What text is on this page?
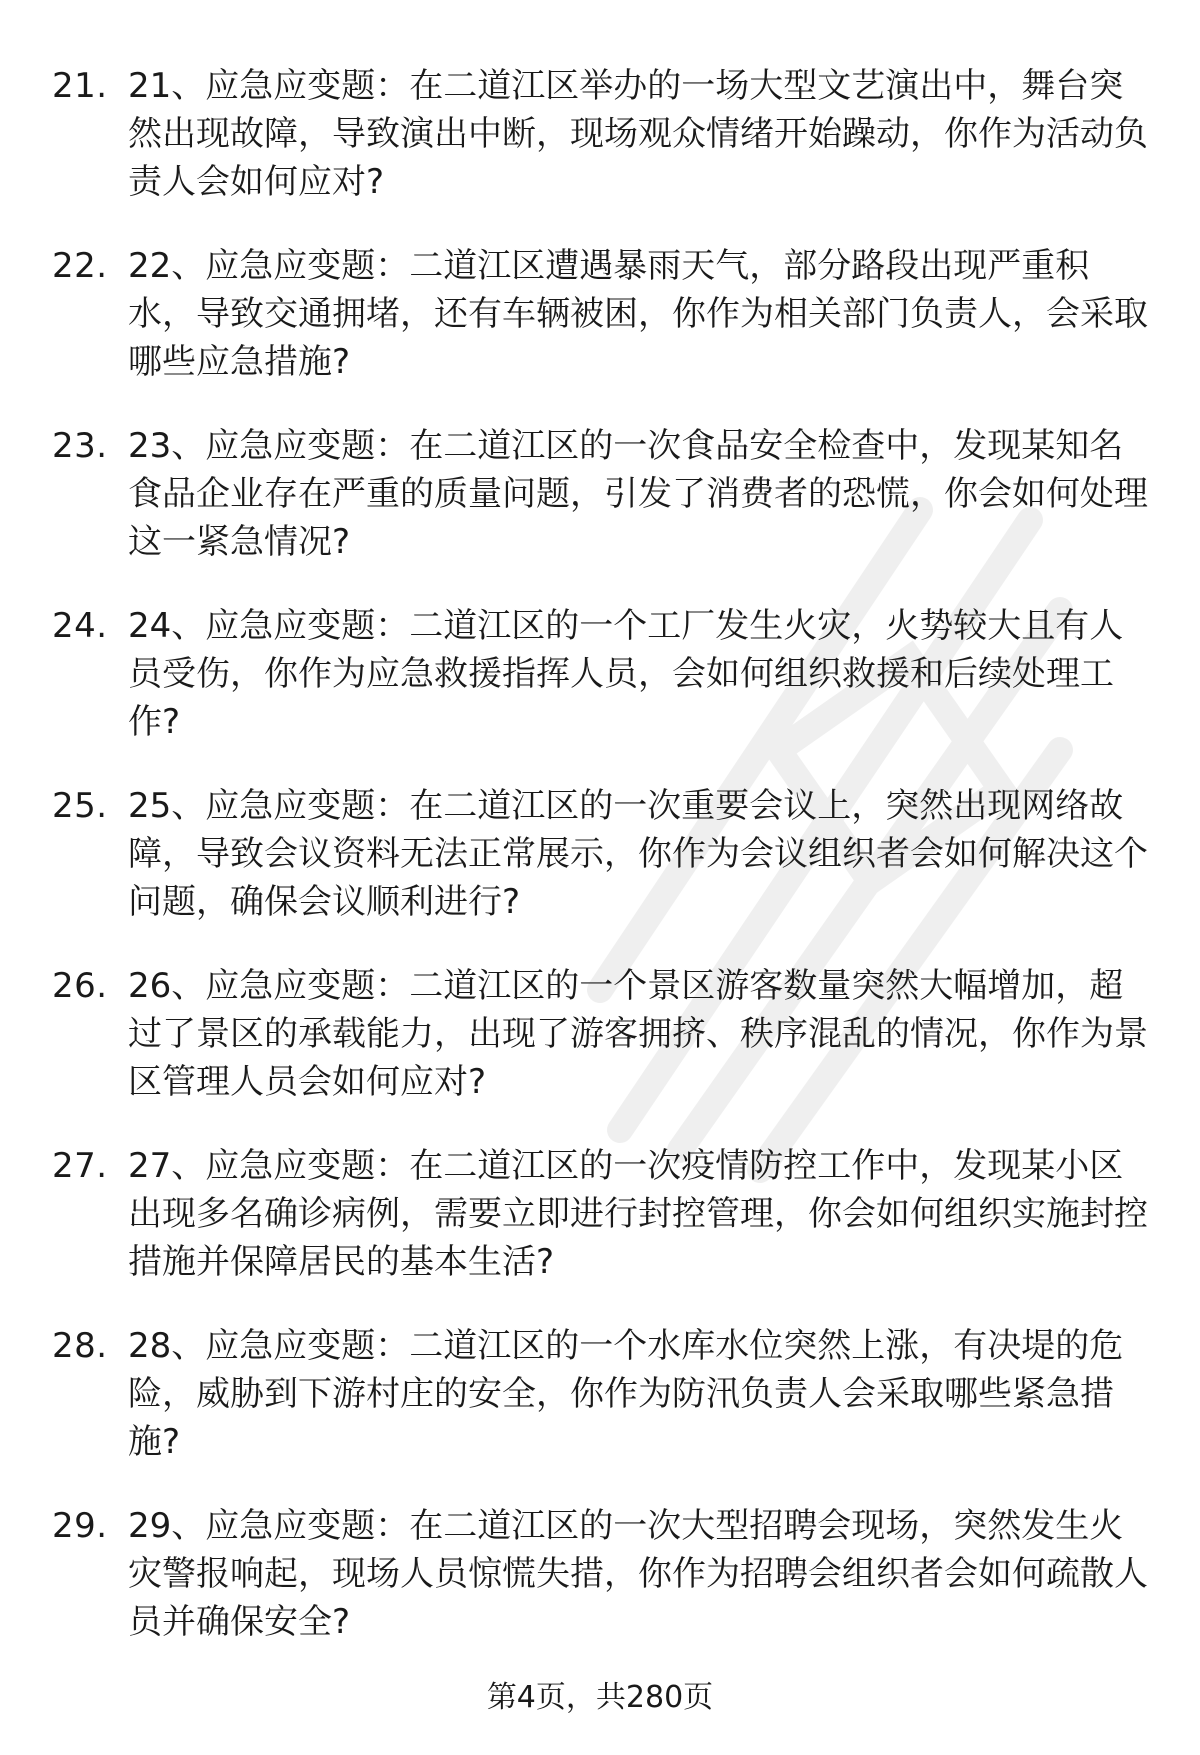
21. 21、应急应变题：在二道江区举办的一场大型文艺演出中，舞台突然出现故障，导致演出中断，现场观众情绪开始躁动，你作为活动负责人会如何应对?
22. 22、应急应变题：二道江区遭遇暴雨天气，部分路段出现严重积水，导致交通拥堵，还有车辆被困，你作为相关部门负责人，会采取哪些应急措施?
23. 23、应急应变题：在二道江区的一次食品安全检查中，发现某知名食品企业存在严重的质量问题，引发了消费者的恐慌，你会如何处理这一紧急情况?
24. 24、应急应变题：二道江区的一个工厂发生火灾，火势较大且有人员受伤，你作为应急救援指挥人员，会如何组织救援和后续处理工作?
25. 25、应急应变题：在二道江区的一次重要会议上，突然出现网络故障，导致会议资料无法正常展示，你作为会议组织者会如何解决这个问题，确保会议顺利进行?
26. 26、应急应变题：二道江区的一个景区游客数量突然大幅增加，超过了景区的承载能力，出现了游客拥挤、秩序混乱的情况，你作为景区管理人员会如何应对?
27. 27、应急应变题：在二道江区的一次疫情防控工作中，发现某小区出现多名确诊病例，需要立即进行封控管理，你会如何组织实施封控措施并保障居民的基本生活?
28. 28、应急应变题：二道江区的一个水库水位突然上涨，有决堤的危险，威胁到下游村庄的安全，你作为防汛负责人会采取哪些紧急措施?
29. 29、应急应变题：在二道江区的一次大型招聘会现场，突然发生火灾警报响起，现场人员惊慌失措，你作为招聘会组织者会如何疏散人员并确保安全?
第4页，共280页
